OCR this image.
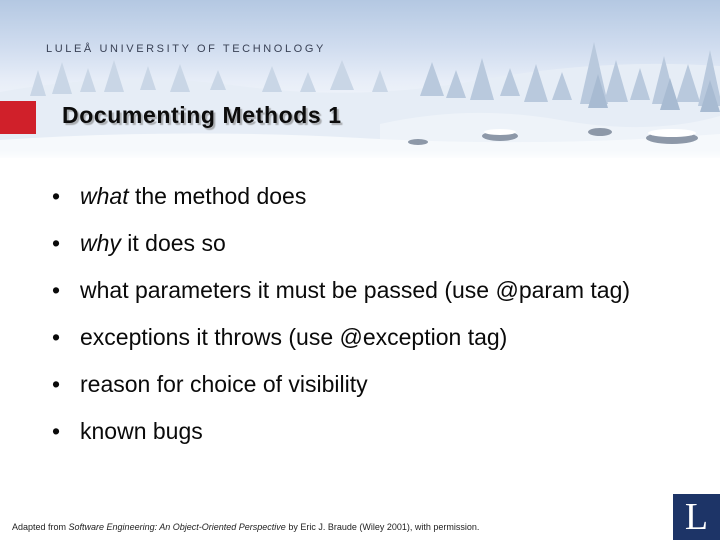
LULEÅ UNIVERSITY OF TECHNOLOGY
Documenting Methods 1
• what the method does
• why it does so
• what parameters it must be passed (use @param tag)
• exceptions it throws (use @exception tag)
• reason for choice of visibility
• known bugs
Adapted from Software Engineering: An Object-Oriented Perspective by Eric J. Braude (Wiley 2001), with permission.	L
